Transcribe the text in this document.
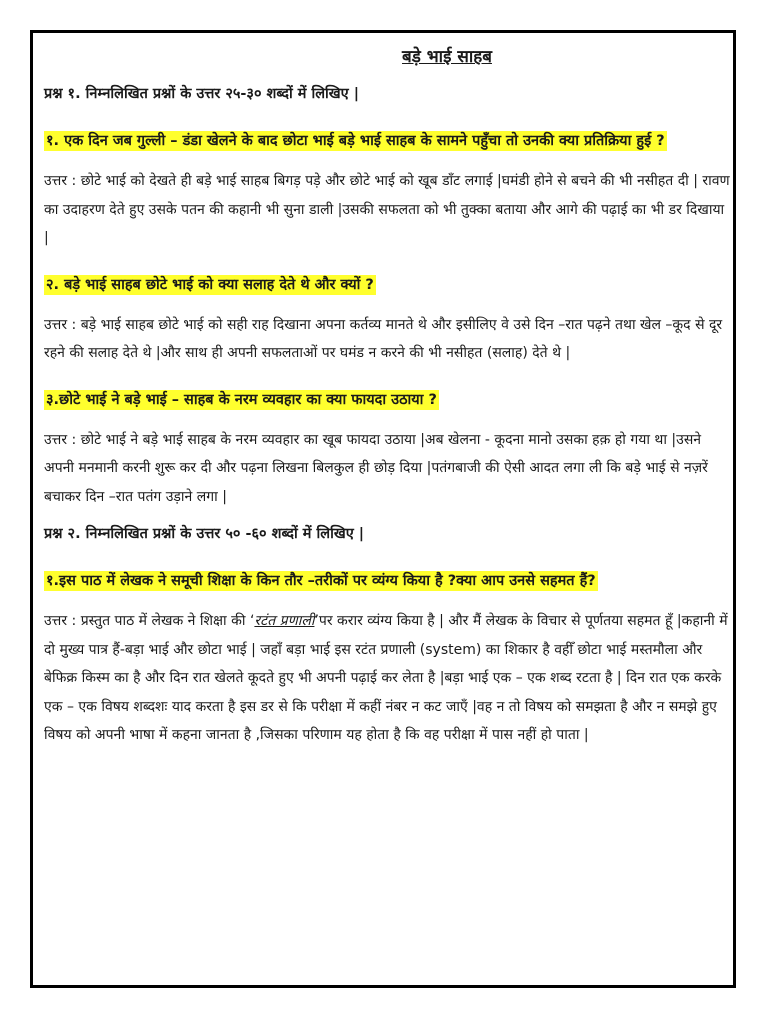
बड़े भाई साहब
प्रश्न १. निम्नलिखित प्रश्नों के उत्तर २५-३० शब्दों में लिखिए |
१. एक दिन जब गुल्ली – डंडा खेलने के बाद छोटा भाई बड़े भाई साहब के सामने पहुँचा तो उनकी क्या प्रतिक्रिया हुई ?
उत्तर : छोटे भाई को देखते ही बड़े भाई साहब बिगड़ पड़े और छोटे भाई को खूब डाँट लगाई |घमंडी होने से बचने की भी नसीहत दी | रावण का उदाहरण देते हुए उसके पतन की कहानी भी सुना डाली |उसकी सफलता को भी तुक्का बताया और आगे की पढ़ाई का भी डर दिखाया |
२. बड़े भाई साहब छोटे भाई को क्या सलाह देते थे और क्यों ?
उत्तर : बड़े भाई साहब छोटे भाई को सही राह दिखाना अपना कर्तव्य मानते थे और इसीलिए वे उसे दिन –रात पढ़ने तथा खेल –कूद से दूर रहने की सलाह देते थे |और साथ ही अपनी सफलताओं पर घमंड न करने की भी नसीहत (सलाह) देते थे |
३.छोटे भाई ने बड़े भाई – साहब के नरम व्यवहार का क्या फायदा उठाया ?
उत्तर : छोटे भाई ने बड़े भाई साहब के नरम व्यवहार का खूब फायदा उठाया |अब खेलना - कूदना मानो उसका हक़ हो गया था |उसने अपनी मनमानी करनी शुरू कर दी और पढ़ना लिखना बिलकुल ही छोड़ दिया |पतंगबाजी की ऐसी आदत लगा ली कि बड़े भाई से नज़रें बचाकर दिन –रात पतंग उड़ाने लगा |
प्रश्न २. निम्नलिखित प्रश्नों के उत्तर ५० -६० शब्दों में लिखिए |
१.इस पाठ में लेखक ने समूची शिक्षा के किन तौर –तरीकों पर व्यंग्य किया है ?क्या आप उनसे सहमत हैं?
उत्तर : प्रस्तुत पाठ में लेखक ने शिक्षा की ‘रटंत प्रणाली’पर करार व्यंग्य किया है | और मैं लेखक के विचार से पूर्णतया सहमत हूँ |कहानी में दो मुख्य पात्र हैं-बड़ा भाई और छोटा भाई | जहाँ बड़ा भाई इस रटंत प्रणाली (system) का शिकार है वहीँ छोटा भाई मस्तमौला और बेफिक्र किस्म का है और दिन रात खेलते कूदते हुए भी अपनी पढ़ाई कर लेता है |बड़ा भाई एक – एक शब्द रटता है | दिन रात एक करके एक – एक विषय शब्दशः याद करता है इस डर से कि परीक्षा में कहीं नंबर न कट जाएँ |वह न तो विषय को समझता है और न समझे हुए विषय को अपनी भाषा में कहना जानता है ,जिसका परिणाम यह होता है कि वह परीक्षा में पास नहीं हो पाता |
